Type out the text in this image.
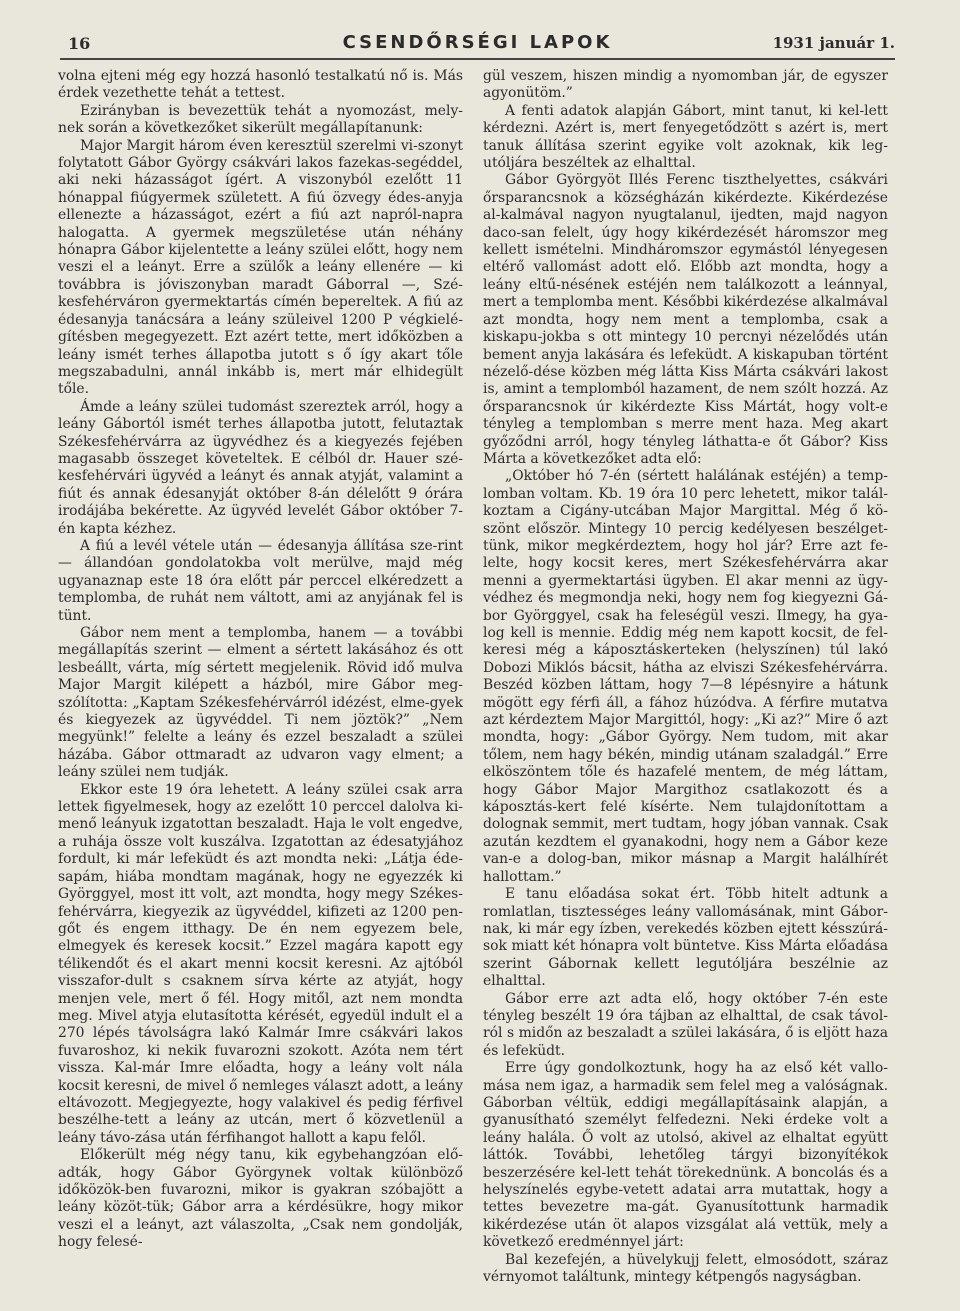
16	CSENDŐRSÉGI LAPOK	1931 január 1.

volna ejteni még egy hozzá hasonló testalkatú nő is. Más érdek vezethette tehát a tettest.

Ezirányban is bevezettük tehát a nyomozást, mely-nek során a következőket sikerült megállapítanunk:

Major Margit három éven keresztül szerelmi vi-szonyt folytatott Gábor György csákvári lakos fazekas-segéddel, aki neki házasságot ígért. A viszonyból ezelőtt 11 hónappal fiúgyermek született. A fiú özvegy édes-anyja ellenezte a házasságot, ezért a fiú azt napról-napra halogatta. A gyermek megszületése után néhány hónapra Gábor kijelentette a leány szülei előtt, hogy nem veszi el a leányt. Erre a szülők a leány ellenére — ki továbbra is jóviszonyban maradt Gáborral —, Szé-kesfehérváron gyermektartás címén bepereltek. A fiú az édesanyja tanácsára a leány szüleivel 1200 P végkielé-gítésben megegyezett. Ezt azért tette, mert időközben a leány ismét terhes állapotba jutott s ő így akart tőle megszabadulni, annál inkább is, mert már elhidegült tőle.

Ámde a leány szülei tudomást szereztek arról, hogy a leány Gábortól ismét terhes állapotba jutott, felutaztak Székesfehérvárra az ügyvédhez és a kiegyezés fejében magasabb összeget követeltek. E célból dr. Hauer szé-kesfehérvári ügyvéd a leányt és annak atyját, valamint a fiút és annak édesanyját október 8-án délelőtt 9 órára irodájába bekérette. Az ügyvéd levelét Gábor október 7-én kapta kézhez.

A fiú a levél vétele után — édesanyja állítása sze-rint — állandóan gondolatokba volt merülve, majd még ugyanaznap este 18 óra előtt pár perccel elkéredzett a templomba, de ruhát nem váltott, ami az anyjának fel is tünt.

Gábor nem ment a templomba, hanem — a további megállapítás szerint — elment a sértett lakásához és ott lesbeállt, várta, míg sértett megjelenik. Rövid idő mulva Major Margit kilépett a házból, mire Gábor meg-szólította: „Kaptam Székesfehérvárról idézést, elme-gyek és kiegyezek az ügyvéddel. Ti nem jöztök?” „Nem megyünk!” felelte a leány és ezzel beszaladt a szülei házába. Gábor ottmaradt az udvaron vagy elment; a leány szülei nem tudják.

Ekkor este 19 óra lehetett. A leány szülei csak arra lettek figyelmesek, hogy az ezelőtt 10 perccel dalolva ki-menő leányuk izgatottan beszaladt. Haja le volt engedve, a ruhája össze volt kuszálva. Izgatottan az édesatyjához fordult, ki már lefeküdt és azt mondta neki: „Látja éde-sapám, hiába mondtam magának, hogy ne egyezzék ki Györggyel, most itt volt, azt mondta, hogy megy Székes-fehérvárra, kiegyezik az ügyvéddel, kifizeti az 1200 pen-gőt és engem itthagy. De én nem egyezem bele, elmegyek és keresek kocsit.” Ezzel magára kapott egy télikendőt és el akart menni kocsit keresni. Az ajtóból visszafor-dult s csaknem sírva kérte az atyját, hogy menjen vele, mert ő fél. Hogy mitől, azt nem mondta meg. Mivel atyja elutasította kérését, egyedül indult el a 270 lépés távolságra lakó Kalmár Imre csákvári lakos fuvaroshoz, ki nekik fuvarozni szokott. Azóta nem tért vissza. Kal-már Imre előadta, hogy a leány volt nála kocsit keresni, de mivel ő nemleges választ adott, a leány eltávozott. Megjegyezte, hogy valakivel és pedig férfivel beszélhe-tett a leány az utcán, mert ő közvetlenül a leány távo-zása után férfihangot hallott a kapu felől.

Előkerült még négy tanu, kik egybehangzóan elő-adták, hogy Gábor Györgynek voltak különböző időközök-ben fuvarozni, mikor is gyakran szóbajött a leány közöt-tük; Gábor arra a kérdésükre, hogy mikor veszi el a leányt, azt válaszolta, „Csak nem gondolják, hogy felesé-

gül veszem, hiszen mindig a nyomomban jár, de egyszer agyonütöm.”

A fenti adatok alapján Gábort, mint tanut, ki kel-lett kérdezni. Azért is, mert fenyegetődzött s azért is, mert tanuk állítása szerint egyike volt azoknak, kik leg-utóljára beszéltek az elhalttal.

Gábor Györgyöt Illés Ferenc tiszthelyettes, csákvári őrsparancsnok a községházán kikérdezte. Kikérdezése al-kalmával nagyon nyugtalanul, ijedten, majd nagyon daco-san felelt, úgy hogy kikérdezését háromszor meg kellett ismételni. Mindháromszor egymástól lényegesen eltérő vallomást adott elő. Előbb azt mondta, hogy a leány eltű-nésének estéjén nem találkozott a leánnyal, mert a templomba ment. Későbbi kikérdezése alkalmával azt mondta, hogy nem ment a templomba, csak a kiskapu-jokba s ott mintegy 10 percnyi nézelődés után bement anyja lakására és lefeküdt. A kiskapuban történt nézelő-dése közben még látta Kiss Márta csákvári lakost is, amint a templomból hazament, de nem szólt hozzá. Az őrsparancsnok úr kikérdezte Kiss Mártát, hogy volt-e tényleg a templomban s merre ment haza. Meg akart győződni arról, hogy tényleg láthatta-e őt Gábor? Kiss Márta a következőket adta elő:

„Október hó 7-én (sértett halálának estéjén) a temp-lomban voltam. Kb. 19 óra 10 perc lehetett, mikor talál-koztam a Cigány-utcában Major Margittal. Még ő kö-szönt először. Mintegy 10 percig kedélyesen beszélget-tünk, mikor megkérdeztem, hogy hol jár? Erre azt fe-lelte, hogy kocsit keres, mert Székesfehérvárra akar menni a gyermektartási ügyben. El akar menni az ügy-védhez és megmondja neki, hogy nem fog kiegyezni Gá-bor Györggyel, csak ha feleségül veszi. Ilmegy, ha gya-log kell is mennie. Eddig még nem kapott kocsit, de fel-keresi még a káposztáskerteken (helyszínen) túl lakó Dobozi Miklós bácsit, hátha az elviszi Székesfehérvárra. Beszéd közben láttam, hogy 7—8 lépésnyire a hátunk mögött egy férfi áll, a fához húzódva. A férfire mutatva azt kérdeztem Major Margittól, hogy: „Ki az?” Mire ő azt mondta, hogy: „Gábor György. Nem tudom, mit akar tőlem, nem hagy békén, mindig utánam szaladgál.” Erre elköszöntem tőle és hazafelé mentem, de még láttam, hogy Gábor Major Margithoz csatlakozott és a káposztás-kert felé kísérte. Nem tulajdonítottam a dolognak semmit, mert tudtam, hogy jóban vannak. Csak azután kezdtem el gyanakodni, hogy nem a Gábor keze van-e a dolog-ban, mikor másnap a Margit halálhírét hallottam.”

E tanu előadása sokat ért. Több hitelt adtunk a romlatlan, tisztességes leány vallomásának, mint Gábor-nak, ki már egy ízben, verekedés közben ejtett késszúrá-sok miatt két hónapra volt büntetve. Kiss Márta előadása szerint Gábornak kellett legutóljára beszélnie az elhalttal.

Gábor erre azt adta elő, hogy október 7-én este tényleg beszélt 19 óra tájban az elhalttal, de csak távol-ról s midőn az beszaladt a szülei lakására, ő is eljött haza és lefeküdt.

Erre úgy gondolkoztunk, hogy ha az első két vallo-mása nem igaz, a harmadik sem felel meg a valóságnak. Gáborban véltük, eddigi megállapításaink alapján, a gyanusítható személyt felfedezni. Neki érdeke volt a leány halála. Ő volt az utolsó, akivel az elhaltat együtt láttók. További, lehetőleg tárgyi bizonyítékok beszerzésére kel-lett tehát törekednünk. A boncolás és a helyszínelés egybe-vetett adatai arra mutattak, hogy a tettes bevezetre ma-gát. Gyanusítottunk harmadik kikérdezése után öt alapos vizsgálat alá vettük, mely a következő eredménnyel járt:

Bal kezefején, a hüvelykujj felett, elmosódott, száraz vérnyomot találtunk, mintegy kétpengős nagyságban.
